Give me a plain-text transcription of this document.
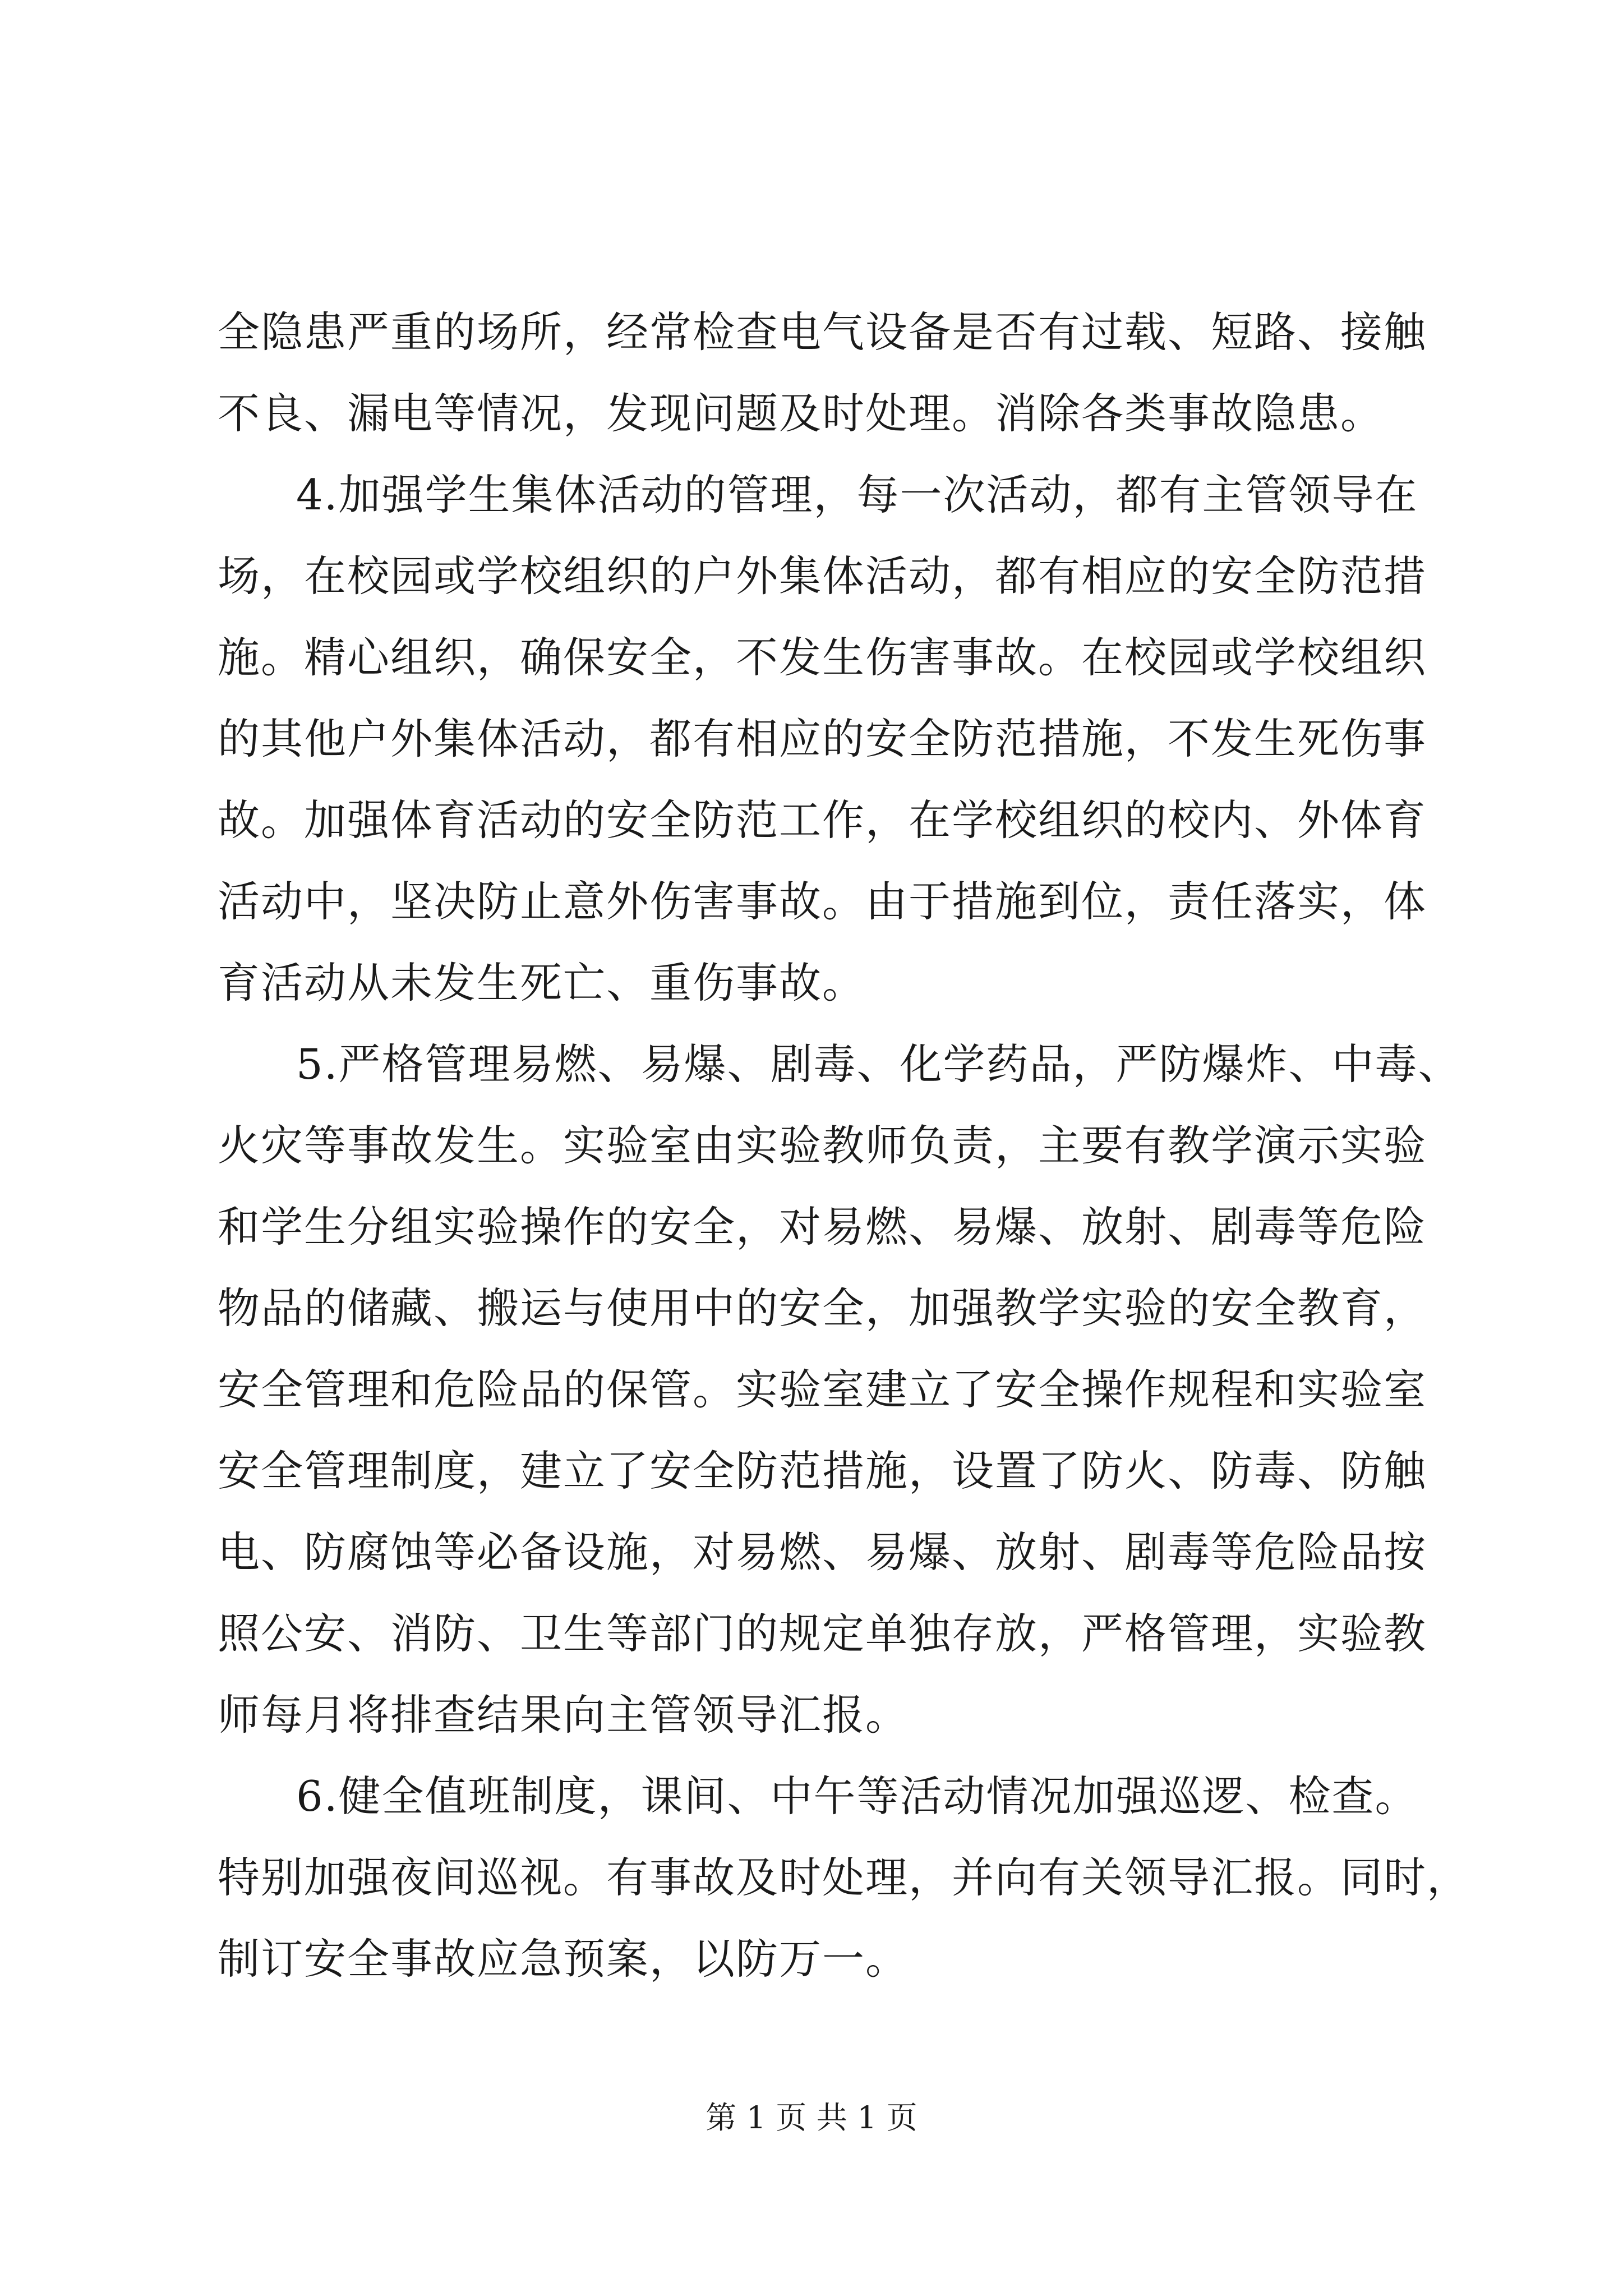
全隐患严重的场所，经常检查电气设备是否有过载、短路、接触
不良、漏电等情况，发现问题及时处理。消除各类事故隐患。
4.加强学生集体活动的管理，每一次活动，都有主管领导在
场，在校园或学校组织的户外集体活动，都有相应的安全防范措
施。精心组织，确保安全，不发生伤害事故。在校园或学校组织
的其他户外集体活动，都有相应的安全防范措施，不发生死伤事
故。加强体育活动的安全防范工作，在学校组织的校内、外体育
活动中，坚决防止意外伤害事故。由于措施到位，责任落实，体
育活动从未发生死亡、重伤事故。
5.严格管理易燃、易爆、剧毒、化学药品，严防爆炸、中毒、
火灾等事故发生。实验室由实验教师负责，主要有教学演示实验
和学生分组实验操作的安全，对易燃、易爆、放射、剧毒等危险
物品的储藏、搬运与使用中的安全，加强教学实验的安全教育，
安全管理和危险品的保管。实验室建立了安全操作规程和实验室
安全管理制度，建立了安全防范措施，设置了防火、防毒、防触
电、防腐蚀等必备设施，对易燃、易爆、放射、剧毒等危险品按
照公安、消防、卫生等部门的规定单独存放，严格管理，实验教
师每月将排查结果向主管领导汇报。
6.健全值班制度，课间、中午等活动情况加强巡逻、检查。
特别加强夜间巡视。有事故及时处理，并向有关领导汇报。同时，
制订安全事故应急预案，以防万一。
第 1 页 共 1 页
